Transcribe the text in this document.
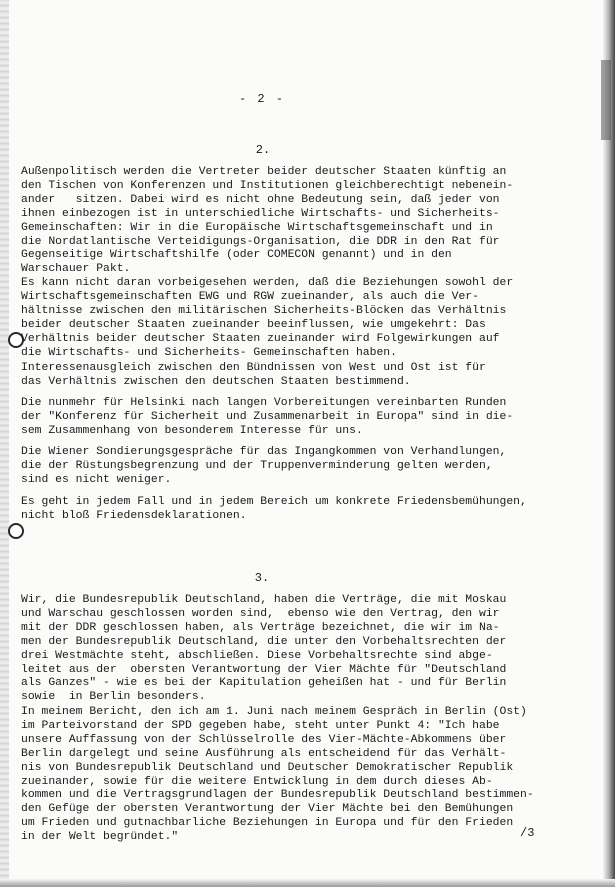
- 2 -
2.

Außenpolitisch werden die Vertreter beider deutscher Staaten künftig an
den Tischen von Konferenzen und Institutionen gleichberechtigt nebenein-
ander   sitzen. Dabei wird es nicht ohne Bedeutung sein, daß jeder von
ihnen einbezogen ist in unterschiedliche Wirtschafts- und Sicherheits-
Gemeinschaften: Wir in die Europäische Wirtschaftsgemeinschaft und in
die Nordatlantische Verteidigungs-Organisation, die DDR in den Rat für
Gegenseitige Wirtschaftshilfe (oder COMECON genannt) und in den
Warschauer Pakt.

Es kann nicht daran vorbeigesehen werden, daß die Beziehungen sowohl der
Wirtschaftsgemeinschaften EWG und RGW zueinander, als auch die Ver-
hältnisse zwischen den militärischen Sicherheits-Blöcken das Verhältnis
beider deutscher Staaten zueinander beeinflussen, wie umgekehrt: Das
Verhältnis beider deutscher Staaten zueinander wird Folgewirkungen auf
die Wirtschafts- und Sicherheits- Gemeinschaften haben.

Interessenausgleich zwischen den Bündnissen von West und Ost ist für
das Verhältnis zwischen den deutschen Staaten bestimmend.

Die nunmehr für Helsinki nach langen Vorbereitungen vereinbarten Runden
der "Konferenz für Sicherheit und Zusammenarbeit in Europa" sind in die-
sem Zusammenhang von besonderem Interesse für uns.

Die Wiener Sondierungsgespräche für das Ingangkommen von Verhandlungen,
die der Rüstungsbegrenzung und der Truppenverminderung gelten werden,
sind es nicht weniger.

Es geht in jedem Fall und in jedem Bereich um konkrete Friedensbemühungen,
nicht bloß Friedensdeklarationen.

3.

Wir, die Bundesrepublik Deutschland, haben die Verträge, die mit Moskau
und Warschau geschlossen worden sind,  ebenso wie den Vertrag, den wir
mit der DDR geschlossen haben, als Verträge bezeichnet, die wir im Na-
men der Bundesrepublik Deutschland, die unter den Vorbehaltsrechten der
drei Westmächte steht, abschließen. Diese Vorbehaltsrechte sind abge-
leitet aus der  obersten Verantwortung der Vier Mächte für "Deutschland
als Ganzes" - wie es bei der Kapitulation geheißen hat - und für Berlin
sowie  in Berlin besonders.

In meinem Bericht, den ich am 1. Juni nach meinem Gespräch in Berlin (Ost)
im Parteivorstand der SPD gegeben habe, steht unter Punkt 4: "Ich habe
unsere Auffassung von der Schlüsselrolle des Vier-Mächte-Abkommens über
Berlin dargelegt und seine Ausführung als entscheidend für das Verhält-
nis von Bundesrepublik Deutschland und Deutscher Demokratischer Republik
zueinander, sowie für die weitere Entwicklung in dem durch dieses Ab-
kommen und die Vertragsgrundlagen der Bundesrepublik Deutschland bestimmen-
den Gefüge der obersten Verantwortung der Vier Mächte bei den Bemühungen
um Frieden und gutnachbarliche Beziehungen in Europa und für den Frieden
in der Welt begründet."	/3
